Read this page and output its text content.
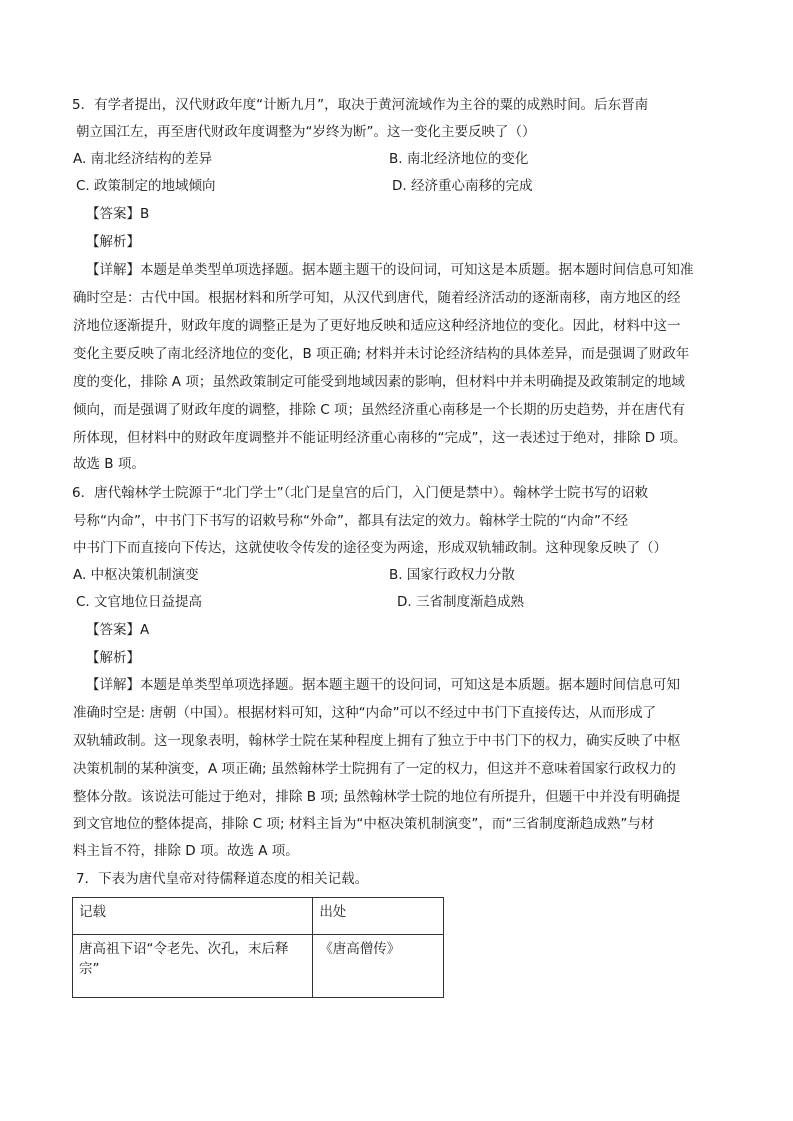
5．有学者提出，汉代财政年度“计断九月”，取决于黄河流域作为主谷的粟的成熟时间。后东晋南
朝立国江左，再至唐代财政年度调整为“岁终为断”。这一变化主要反映了（）
A. 南北经济结构的差异	B. 南北经济地位的变化
C. 政策制定的地域倾向	D. 经济重心南移的完成
【答案】B
【解析】
【详解】本题是单类型单项选择题。据本题主题干的设问词，可知这是本质题。据本题时间信息可知准
确时空是：古代中国。根据材料和所学可知，从汉代到唐代，随着经济活动的逐渐南移，南方地区的经
济地位逐渐提升，财政年度的调整正是为了更好地反映和适应这种经济地位的变化。因此，材料中这一
变化主要反映了南北经济地位的变化，B 项正确; 材料并未讨论经济结构的具体差异，而是强调了财政年
度的变化，排除 A 项；虽然政策制定可能受到地域因素的影响，但材料中并未明确提及政策制定的地域
倾向，而是强调了财政年度的调整，排除 C 项；虽然经济重心南移是一个长期的历史趋势，并在唐代有
所体现，但材料中的财政年度调整并不能证明经济重心南移的“完成”，这一表述过于绝对，排除 D 项。
故选 B 项。
6．唐代翰林学士院源于“北门学士”（北门是皇宫的后门，入门便是禁中）。翰林学士院书写的诏敕
号称“内命”，中书门下书写的诏敕号称“外命”，都具有法定的效力。翰林学士院的“内命”不经
中书门下而直接向下传达，这就使收令传发的途径变为两途，形成双轨辅政制。这种现象反映了（）
A. 中枢决策机制演变	B. 国家行政权力分散
C. 文官地位日益提高	D. 三省制度渐趋成熟
【答案】A
【解析】
【详解】本题是单类型单项选择题。据本题主题干的设问词，可知这是本质题。据本题时间信息可知
准确时空是: 唐朝（中国）。根据材料可知，这种“内命”可以不经过中书门下直接传达，从而形成了
双轨辅政制。这一现象表明，翰林学士院在某种程度上拥有了独立于中书门下的权力，确实反映了中枢
决策机制的某种演变，A 项正确; 虽然翰林学士院拥有了一定的权力，但这并不意味着国家行政权力的
整体分散。该说法可能过于绝对，排除 B 项; 虽然翰林学士院的地位有所提升，但题干中并没有明确提
到文官地位的整体提高，排除 C 项; 材料主旨为“中枢决策机制演变”，而“三省制度渐趋成熟”与材
料主旨不符，排除 D 项。故选 A 项。
7．下表为唐代皇帝对待儒释道态度的相关记载。
记载	出处
唐高祖下诏“令老先、次孔，末后释宗”	《唐高僧传》
